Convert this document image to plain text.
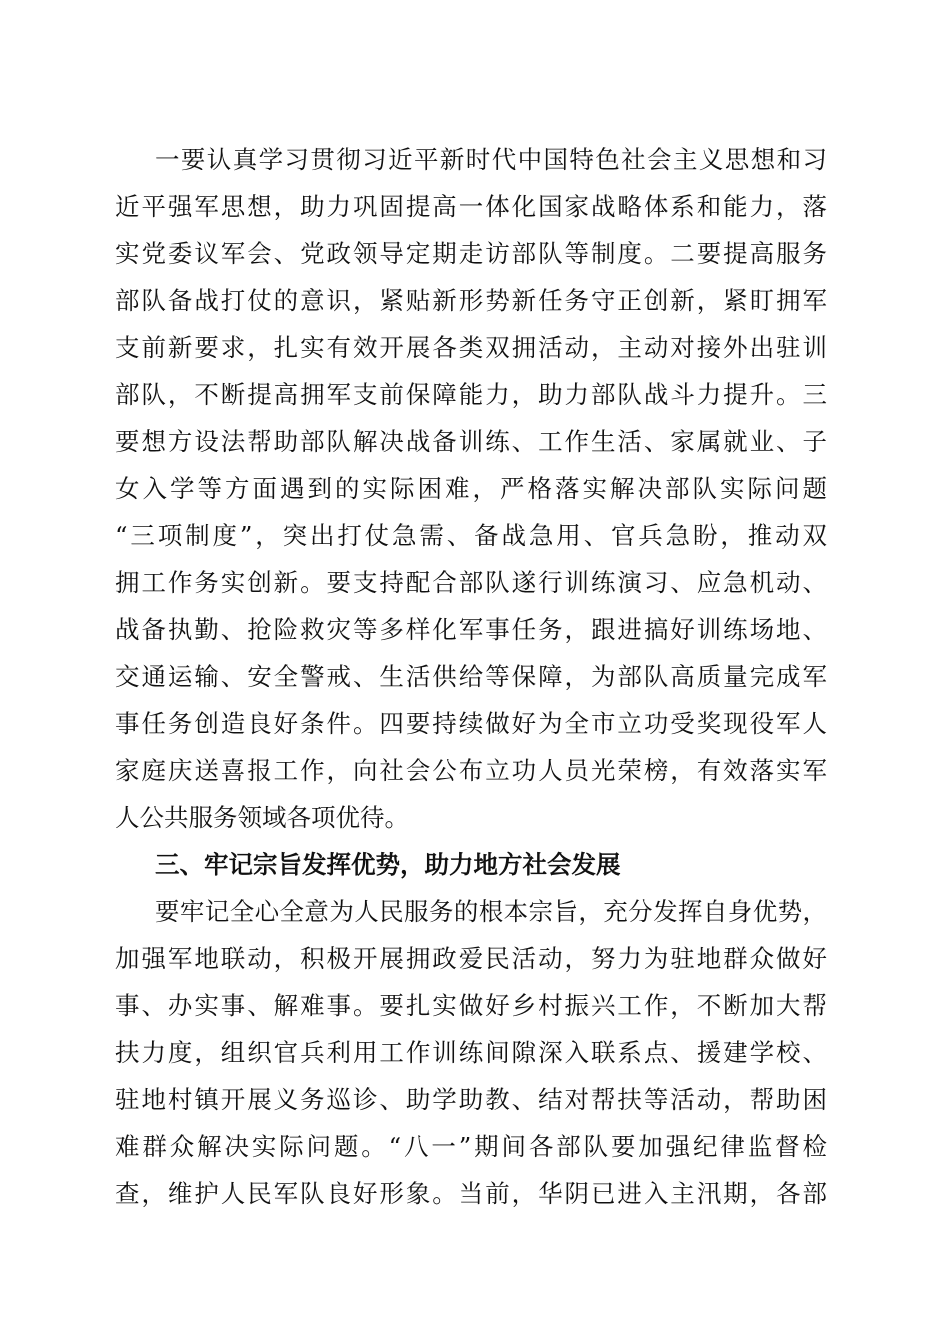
一要认真学习贯彻习近平新时代中国特色社会主义思想和习
近平强军思想，助力巩固提高一体化国家战略体系和能力，落
实党委议军会、党政领导定期走访部队等制度。二要提高服务
部队备战打仗的意识，紧贴新形势新任务守正创新，紧盯拥军
支前新要求，扎实有效开展各类双拥活动，主动对接外出驻训
部队，不断提高拥军支前保障能力，助力部队战斗力提升。三
要想方设法帮助部队解决战备训练、工作生活、家属就业、子
女入学等方面遇到的实际困难，严格落实解决部队实际问题
“三项制度”，突出打仗急需、备战急用、官兵急盼，推动双
拥工作务实创新。要支持配合部队遂行训练演习、应急机动、
战备执勤、抢险救灾等多样化军事任务，跟进搞好训练场地、
交通运输、安全警戒、生活供给等保障，为部队高质量完成军
事任务创造良好条件。四要持续做好为全市立功受奖现役军人
家庭庆送喜报工作，向社会公布立功人员光荣榜，有效落实军
人公共服务领域各项优待。
三、牢记宗旨发挥优势，助力地方社会发展
要牢记全心全意为人民服务的根本宗旨，充分发挥自身优势，
加强军地联动，积极开展拥政爱民活动，努力为驻地群众做好
事、办实事、解难事。要扎实做好乡村振兴工作，不断加大帮
扶力度，组织官兵利用工作训练间隙深入联系点、援建学校、
驻地村镇开展义务巡诊、助学助教、结对帮扶等活动，帮助困
难群众解决实际问题。“八一”期间各部队要加强纪律监督检
查，维护人民军队良好形象。当前，华阴已进入主汛期，各部
